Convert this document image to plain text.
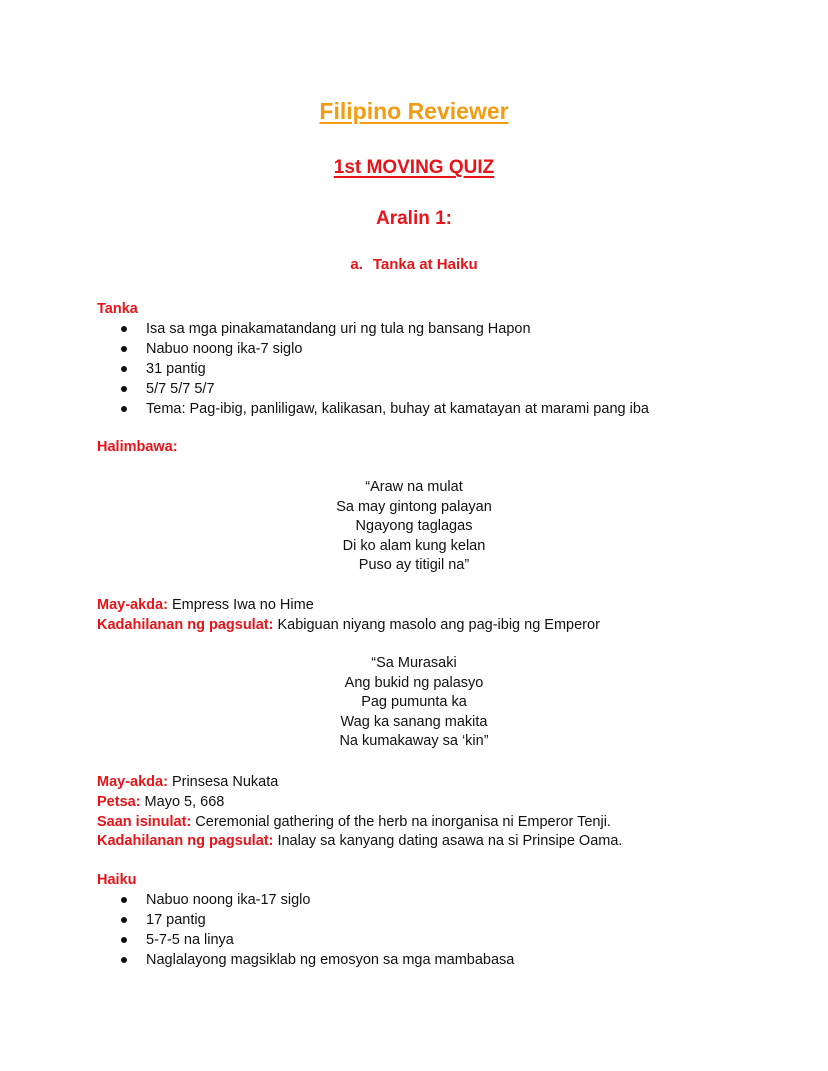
Filipino Reviewer
1st MOVING QUIZ
Aralin 1:
a. Tanka at Haiku
Tanka
Isa sa mga pinakamatandang uri ng tula ng bansang Hapon
Nabuo noong ika-7 siglo
31 pantig
5/7 5/7 5/7
Tema: Pag-ibig, panliligaw, kalikasan, buhay at kamatayan at marami pang iba
Halimbawa:
“Araw na mulat
Sa may gintong palayan
Ngayong taglagas
Di ko alam kung kelan
Puso ay titigil na”
May-akda: Empress Iwa no Hime
Kadahilanan ng pagsulat: Kabiguan niyang masolo ang pag-ibig ng Emperor
“Sa Murasaki
Ang bukid ng palasyo
Pag pumunta ka
Wag ka sanang makita
Na kumakaway sa ‘kin”
May-akda: Prinsesa Nukata
Petsa: Mayo 5, 668
Saan isinulat: Ceremonial gathering of the herb na inorganisa ni Emperor Tenji.
Kadahilanan ng pagsulat: Inalay sa kanyang dating asawa na si Prinsipe Oama.
Haiku
Nabuo noong ika-17 siglo
17 pantig
5-7-5 na linya
Naglalayong magsiklab ng emosyon sa mga mambabasa
